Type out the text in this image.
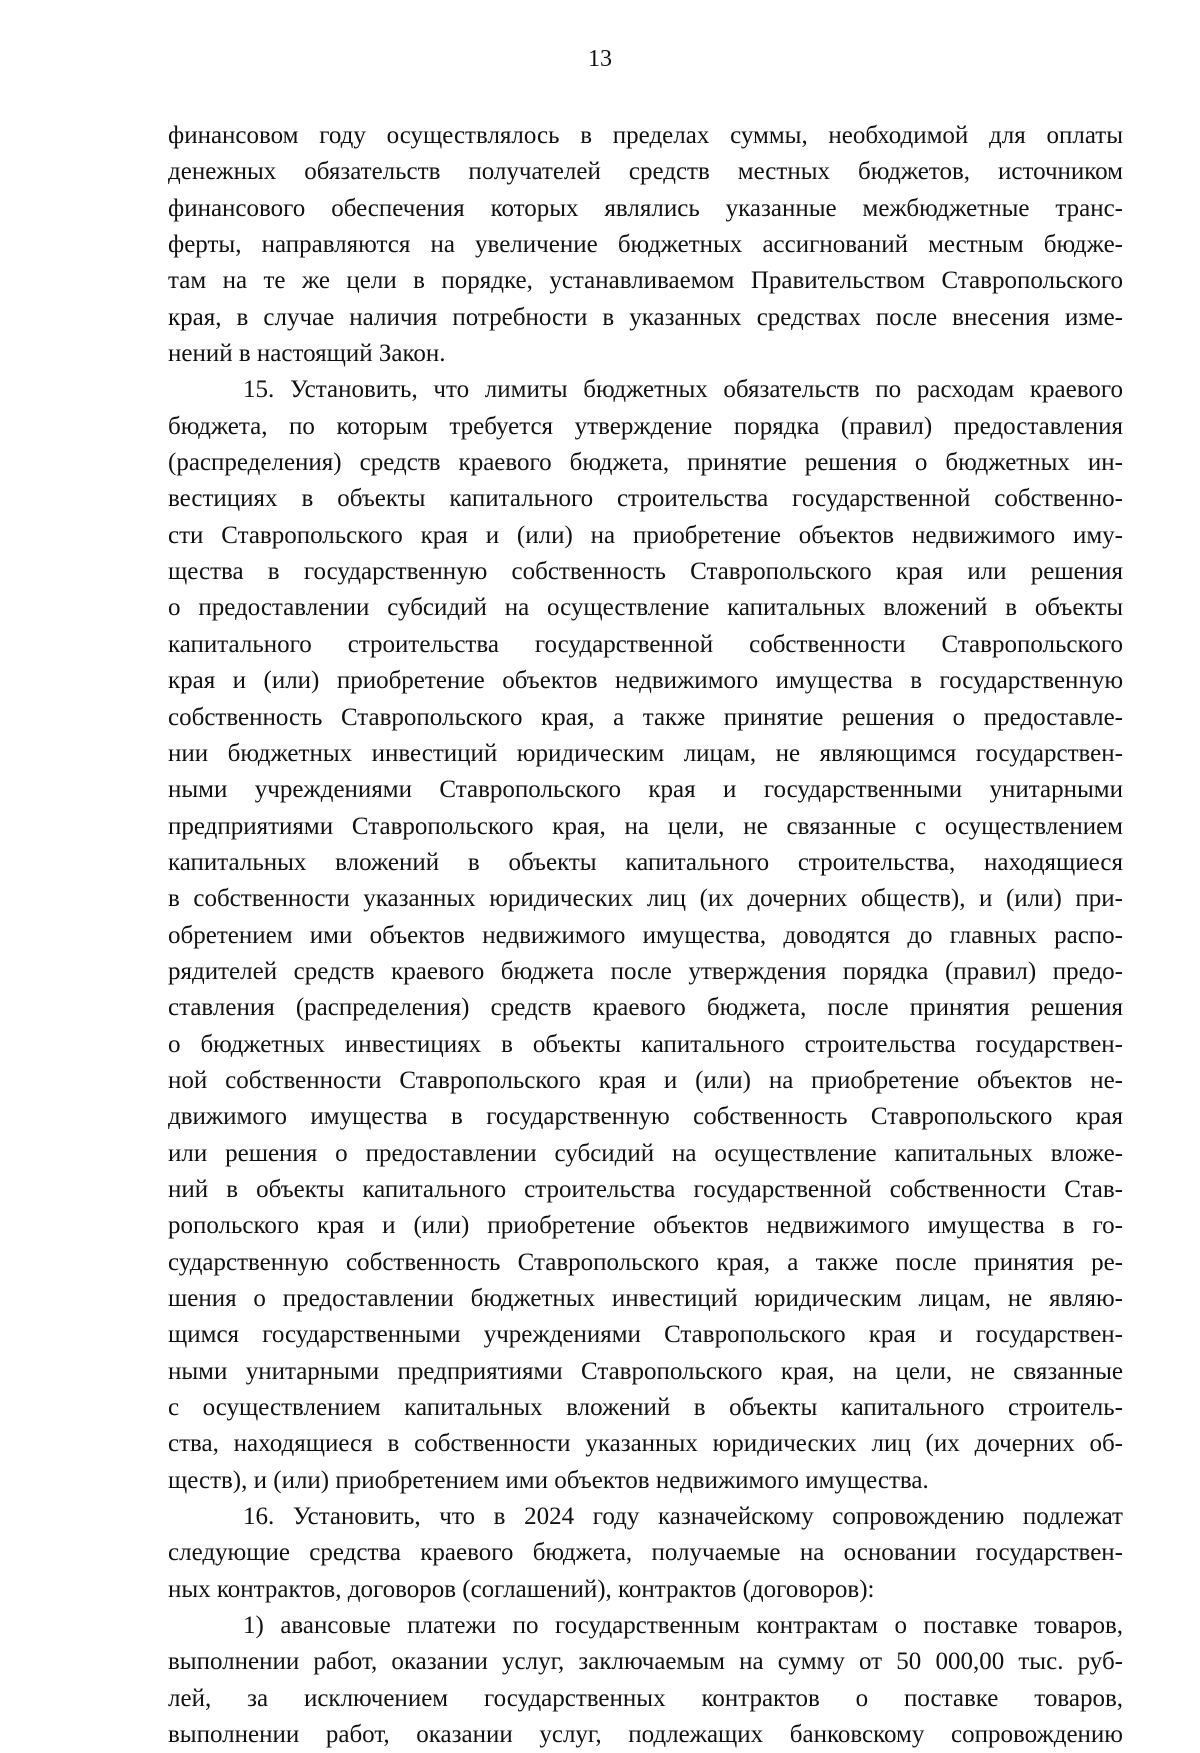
13
финансовом году осуществлялось в пределах суммы, необходимой для оплаты
денежных обязательств получателей средств местных бюджетов, источником
финансового обеспечения которых являлись указанные межбюджетные транс-
ферты, направляются на увеличение бюджетных ассигнований местным бюдже-
там на те же цели в порядке, устанавливаемом Правительством Ставропольского
края, в случае наличия потребности в указанных средствах после внесения изме-
нений в настоящий Закон.
15. Установить, что лимиты бюджетных обязательств по расходам краевого
бюджета, по которым требуется утверждение порядка (правил) предоставления
(распределения) средств краевого бюджета, принятие решения о бюджетных ин-
вестициях в объекты капитального строительства государственной собственно-
сти Ставропольского края и (или) на приобретение объектов недвижимого иму-
щества в государственную собственность Ставропольского края или решения
о предоставлении субсидий на осуществление капитальных вложений в объекты
капитального строительства государственной собственности Ставропольского
края и (или) приобретение объектов недвижимого имущества в государственную
собственность Ставропольского края, а также принятие решения о предоставле-
нии бюджетных инвестиций юридическим лицам, не являющимся государствен-
ными учреждениями Ставропольского края и государственными унитарными
предприятиями Ставропольского края, на цели, не связанные с осуществлением
капитальных вложений в объекты капитального строительства, находящиеся
в собственности указанных юридических лиц (их дочерних обществ), и (или) при-
обретением ими объектов недвижимого имущества, доводятся до главных распо-
рядителей средств краевого бюджета после утверждения порядка (правил) предо-
ставления (распределения) средств краевого бюджета, после принятия решения
о бюджетных инвестициях в объекты капитального строительства государствен-
ной собственности Ставропольского края и (или) на приобретение объектов не-
движимого имущества в государственную собственность Ставропольского края
или решения о предоставлении субсидий на осуществление капитальных вложе-
ний в объекты капитального строительства государственной собственности Став-
ропольского края и (или) приобретение объектов недвижимого имущества в го-
сударственную собственность Ставропольского края, а также после принятия ре-
шения о предоставлении бюджетных инвестиций юридическим лицам, не являю-
щимся государственными учреждениями Ставропольского края и государствен-
ными унитарными предприятиями Ставропольского края, на цели, не связанные
с осуществлением капитальных вложений в объекты капитального строитель-
ства, находящиеся в собственности указанных юридических лиц (их дочерних об-
ществ), и (или) приобретением ими объектов недвижимого имущества.
16. Установить, что в 2024 году казначейскому сопровождению подлежат
следующие средства краевого бюджета, получаемые на основании государствен-
ных контрактов, договоров (соглашений), контрактов (договоров):
1) авансовые платежи по государственным контрактам о поставке товаров,
выполнении работ, оказании услуг, заключаемым на сумму от 50 000,00 тыс. руб-
лей, за исключением государственных контрактов о поставке товаров,
выполнении работ, оказании услуг, подлежащих банковскому сопровождению
